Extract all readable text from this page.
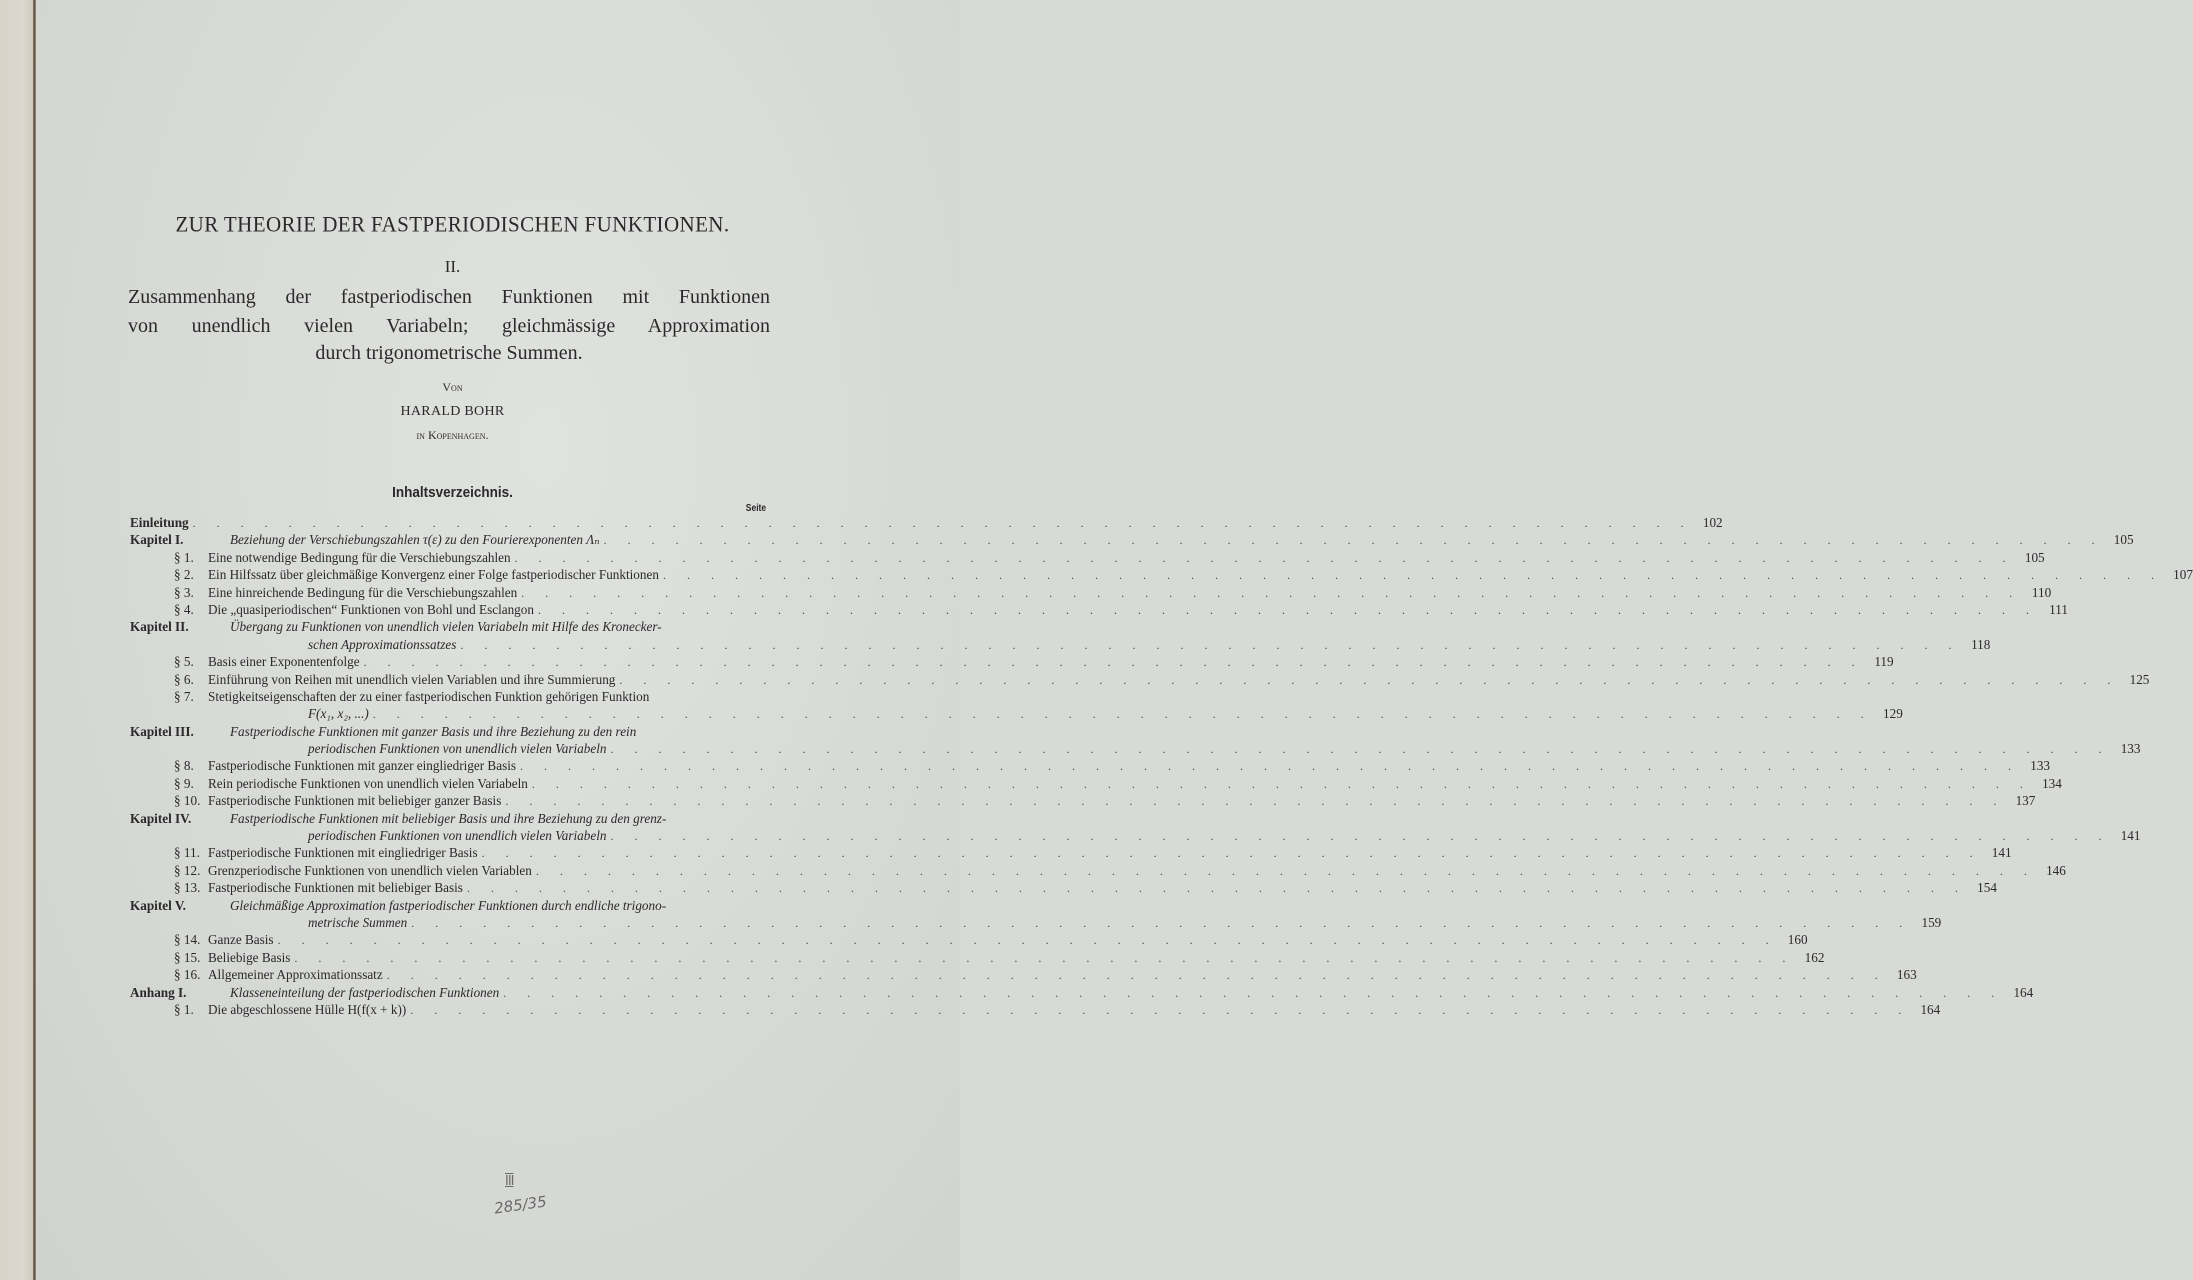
ZUR THEORIE DER FASTPERIODISCHEN FUNKTIONEN.
II.
Zusammenhang der fastperiodischen Funktionen mit Funktionen
von unendlich vielen Variabeln; gleichmässige Approximation
durch trigonometrische Summen.
Von
HARALD BOHR
in Kopenhagen.
Inhaltsverzeichnis.
Seite
Einleitung . . .	102
Kapitel I.	Beziehung der Verschiebungszahlen τ(ε) zu den Fourierexponenten Λₙ . . .	105
§ 1.	Eine notwendige Bedingung für die Verschiebungszahlen . . .	105
§ 2.	Ein Hilfssatz über gleichmäßige Konvergenz einer Folge fastperiodischer Funktionen . . .	107
§ 3.	Eine hinreichende Bedingung für die Verschiebungszahlen . . .	110
§ 4.	Die „quasiperiodischen“ Funktionen von Bohl und Esclangon . . .	111
Kapitel II.	Übergang zu Funktionen von unendlich vielen Variabeln mit Hilfe des Kronecker-
schen Approximationssatzes . . .	118
§ 5.	Basis einer Exponentenfolge . . .	119
§ 6.	Einführung von Reihen mit unendlich vielen Variablen und ihre Summierung . . .	125
§ 7.	Stetigkeitseigenschaften der zu einer fastperiodischen Funktion gehörigen Funktion
F(x₁, x₂, ...) . . .	129
Kapitel III.	Fastperiodische Funktionen mit ganzer Basis und ihre Beziehung zu den rein
periodischen Funktionen von unendlich vielen Variabeln . . .	133
§ 8.	Fastperiodische Funktionen mit ganzer eingliedriger Basis . . .	133
§ 9.	Rein periodische Funktionen von unendlich vielen Variabeln . . .	134
§ 10. Fastperiodische Funktionen mit beliebiger ganzer Basis . . .	137
Kapitel IV.	Fastperiodische Funktionen mit beliebiger Basis und ihre Beziehung zu den grenz-
periodischen Funktionen von unendlich vielen Variabeln . . .	141
§ 11. Fastperiodische Funktionen mit eingliedriger Basis . . .	141
§ 12. Grenzperiodische Funktionen von unendlich vielen Variablen . . .	146
§ 13. Fastperiodische Funktionen mit beliebiger Basis . . .	154
Kapitel V.	Gleichmäßige Approximation fastperiodischer Funktionen durch endliche trigono-
metrische Summen . . .	159
§ 14. Ganze Basis . . .	160
§ 15. Beliebige Basis . . .	162
§ 16. Allgemeiner Approximationssatz . . .	163
Anhang I.	Klasseneinteilung der fastperiodischen Funktionen . . .	164
§ 1.	Die abgeschlossene Hülle H(f(x + k)) . . .	164
III
285/35
